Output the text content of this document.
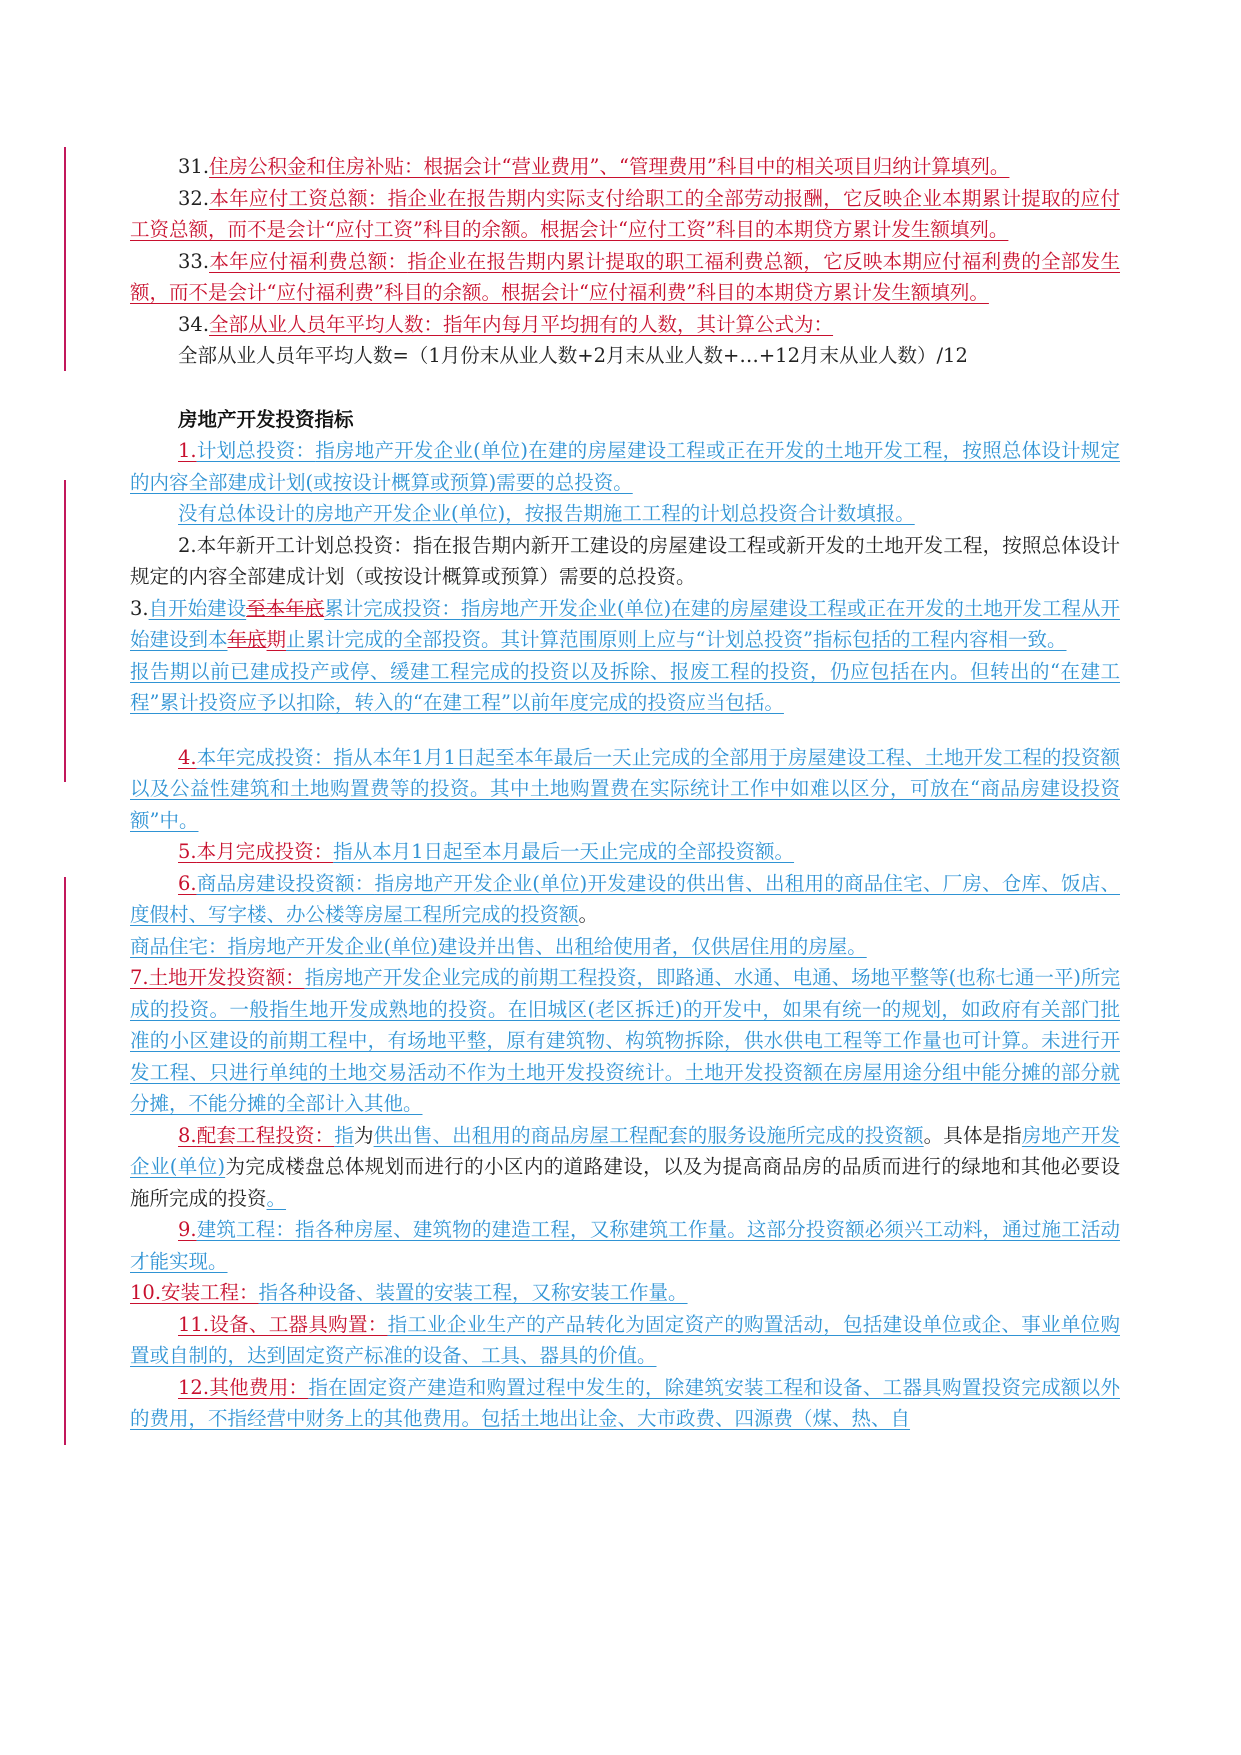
31.住房公积金和住房补贴：根据会计“营业费用”、“管理费用”科目中的相关项目归纳计算填列。

32.本年应付工资总额：指企业在报告期内实际支付给职工的全部劳动报酬，它反映企业本期累计提取的应付工资总额，而不是会计“应付工资”科目的余额。根据会计“应付工资”科目的本期贷方累计发生额填列。

33.本年应付福利费总额：指企业在报告期内累计提取的职工福利费总额，它反映本期应付福利费的全部发生额，而不是会计“应付福利费”科目的余额。根据会计“应付福利费”科目的本期贷方累计发生额填列。

34.全部从业人员年平均人数：指年内每月平均拥有的人数，其计算公式为：

全部从业人员年平均人数=（1月份末从业人数+2月末从业人数+…+12月末从业人数）/12

房地产开发投资指标

1.计划总投资：指房地产开发企业(单位)在建的房屋建设工程或正在开发的土地开发工程，按照总体设计规定的内容全部建成计划(或按设计概算或预算)需要的总投资。

没有总体设计的房地产开发企业(单位)，按报告期施工工程的计划总投资合计数填报。

2.本年新开工计划总投资：指在报告期内新开工建设的房屋建设工程或新开发的土地开发工程，按照总体设计规定的内容全部建成计划（或按设计概算或预算）需要的总投资。

3.自开始建设至本年底累计完成投资：指房地产开发企业(单位)在建的房屋建设工程或正在开发的土地开发工程从开始建设到本年底期止累计完成的全部投资。其计算范围原则上应与“计划总投资”指标包括的工程内容相一致。

报告期以前已建成投产或停、缓建工程完成的投资以及拆除、报废工程的投资，仍应包括在内。但转出的“在建工程”累计投资应予以扣除，转入的“在建工程”以前年度完成的投资应当包括。

4.本年完成投资：指从本年1月1日起至本年最后一天止完成的全部用于房屋建设工程、土地开发工程的投资额以及公益性建筑和土地购置费等的投资。其中土地购置费在实际统计工作中如难以区分，可放在“商品房建设投资额”中。

5.本月完成投资：指从本月1日起至本月最后一天止完成的全部投资额。

6.商品房建设投资额：指房地产开发企业(单位)开发建设的供出售、出租用的商品住宅、厂房、仓库、饭店、度假村、写字楼、办公楼等房屋工程所完成的投资额。

商品住宅：指房地产开发企业(单位)建设并出售、出租给使用者，仅供居住用的房屋。

7.土地开发投资额：指房地产开发企业完成的前期工程投资，即路通、水通、电通、场地平整等(也称七通一平)所完成的投资。一般指生地开发成熟地的投资。在旧城区(老区拆迁)的开发中，如果有统一的规划，如政府有关部门批准的小区建设的前期工程中，有场地平整，原有建筑物、构筑物拆除，供水供电工程等工作量也可计算。未进行开发工程、只进行单纯的土地交易活动不作为土地开发投资统计。土地开发投资额在房屋用途分组中能分摊的部分就分摊，不能分摊的全部计入其他。

8.配套工程投资：指为供出售、出租用的商品房屋工程配套的服务设施所完成的投资额。具体是指房地产开发企业(单位)为完成楼盘总体规划而进行的小区内的道路建设，以及为提高商品房的品质而进行的绿地和其他必要设施所完成的投资。

9.建筑工程：指各种房屋、建筑物的建造工程，又称建筑工作量。这部分投资额必须兴工动料，通过施工活动才能实现。

10.安装工程：指各种设备、装置的安装工程，又称安装工作量。

11.设备、工器具购置：指工业企业生产的产品转化为固定资产的购置活动，包括建设单位或企、事业单位购置或自制的，达到固定资产标准的设备、工具、器具的价值。

12.其他费用：指在固定资产建造和购置过程中发生的，除建筑安装工程和设备、工器具购置投资完成额以外的费用，不指经营中财务上的其他费用。包括土地出让金、大市政费、四源费（煤、热、自
